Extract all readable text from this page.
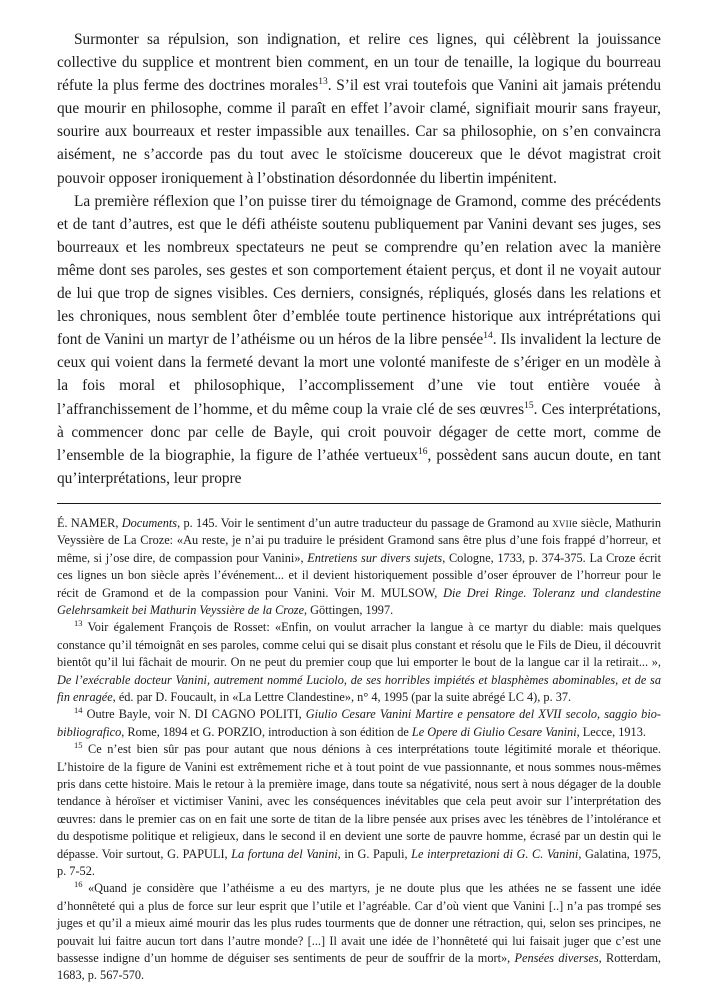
Surmonter sa répulsion, son indignation, et relire ces lignes, qui célèbrent la jouissance collective du supplice et montrent bien comment, en un tour de tenaille, la logique du bourreau réfute la plus ferme des doctrines morales$^{13}$. S’il est vrai toutefois que Vanini ait jamais prétendu que mourir en philosophe, comme il paraît en effet l’avoir clamé, signifiait mourir sans frayeur, sourire aux bourreaux et rester impassible aux tenailles. Car sa philosophie, on s’en convaincra aisément, ne s’accorde pas du tout avec le stoïcisme doucereux que le dévot magistrat croit pouvoir opposer ironiquement à l’obstination désordonnée du libertin impénitent.

La première réflexion que l’on puisse tirer du témoignage de Gramond, comme des précédents et de tant d’autres, est que le défi athéiste soutenu publiquement par Vanini devant ses juges, ses bourreaux et les nombreux spectateurs ne peut se comprendre qu’en relation avec la manière même dont ses paroles, ses gestes et son comportement étaient perçus, et dont il ne voyait autour de lui que trop de signes visibles. Ces derniers, consignés, répliqués, glosés dans les relations et les chroniques, nous semblent ôter d’emblée toute pertinence historique aux intréprétations qui font de Vanini un martyr de l’athéisme ou un héros de la libre pensée$^{14}$. Ils invalident la lecture de ceux qui voient dans la fermeté devant la mort une volonté manifeste de s’ériger en un modèle à la fois moral et philosophique, l’accomplissement d’une vie tout entière vouée à l’affranchissement de l’homme, et du même coup la vraie clé de ses œuvres$^{15}$. Ces interprétations, à commencer donc par celle de Bayle, qui croit pouvoir dégager de cette mort, comme de l’ensemble de la biographie, la figure de l’athée vertueux$^{16}$, possèdent sans aucun doute, en tant qu’interprétations, leur propre

É. NAMER, Documents, p. 145. Voir le sentiment d’un autre traducteur du passage de Gramond au xviie siècle, Mathurin Veyssière de La Croze: «Au reste, je n’ai pu traduire le président Gramond sans être plus d’une fois frappé d’horreur, et même, si j’ose dire, de compassion pour Vanini», Entretiens sur divers sujets, Cologne, 1733, p. 374-375. La Croze écrit ces lignes un bon siècle après l’événement... et il devient historiquement possible d’oser éprouver de l’horreur pour le récit de Gramond et de la compassion pour Vanini. Voir M. MULSOW, Die Drei Ringe. Toleranz und clandestine Gelehrsamkeit bei Mathurin Veyssière de la Croze, Göttingen, 1997.

$^{13}$ Voir également François de Rosset: «Enfin, on voulut arracher la langue à ce martyr du diable: mais quelques constance qu’il témoignât en ses paroles, comme celui qui se disait plus constant et résolu que le Fils de Dieu, il découvrit bientôt qu’il lui fâchait de mourir. On ne peut du premier coup que lui emporter le bout de la langue car il la retirait... », De l’exécrable docteur Vanini, autrement nommé Luciolo, de ses horribles impiétés et blasphèmes abominables, et de sa fin enragée, éd. par D. Foucault, in «La Lettre Clandestine», n° 4, 1995 (par la suite abrégé LC 4), p. 37.

$^{14}$ Outre Bayle, voir N. DI CAGNO POLITI, Giulio Cesare Vanini Martire e pensatore del XVII secolo, saggio bio-bibliografico, Rome, 1894 et G. PORZIO, introduction à son édition de Le Opere di Giulio Cesare Vanini, Lecce, 1913.

$^{15}$ Ce n’est bien sûr pas pour autant que nous dénions à ces interprétations toute légitimité morale et théorique. L’histoire de la figure de Vanini est extrêmement riche et à tout point de vue passionnante, et nous sommes nous-mêmes pris dans cette histoire. Mais le retour à la première image, dans toute sa négativité, nous sert à nous dégager de la double tendance à héroïser et victimiser Vanini, avec les conséquences inévitables que cela peut avoir sur l’interprétation des œuvres: dans le premier cas on en fait une sorte de titan de la libre pensée aux prises avec les ténèbres de l’intolérance et du despotisme politique et religieux, dans le second il en devient une sorte de pauvre homme, écrasé par un destin qui le dépasse. Voir surtout, G. PAPULI, La fortuna del Vanini, in G. Papuli, Le interpretazioni di G. C. Vanini, Galatina, 1975, p. 7-52.

$^{16}$ «Quand je considère que l’athéisme a eu des martyrs, je ne doute plus que les athées ne se fassent une idée d’honnêteté qui a plus de force sur leur esprit que l’utile et l’agréable. Car d’où vient que Vanini [..] n’a pas trompé ses juges et qu’il a mieux aimé mourir das les plus rudes tourments que de donner une rétraction, qui, selon ses principes, ne pouvait lui faitre aucun tort dans l’autre monde? [...] Il avait une idée de l’honnêteté qui lui faisait juger que c’est une bassesse indigne d’un homme de déguiser ses sentiments de peur de souffrir de la mort», Pensées diverses, Rotterdam, 1683, p. 567-570.
